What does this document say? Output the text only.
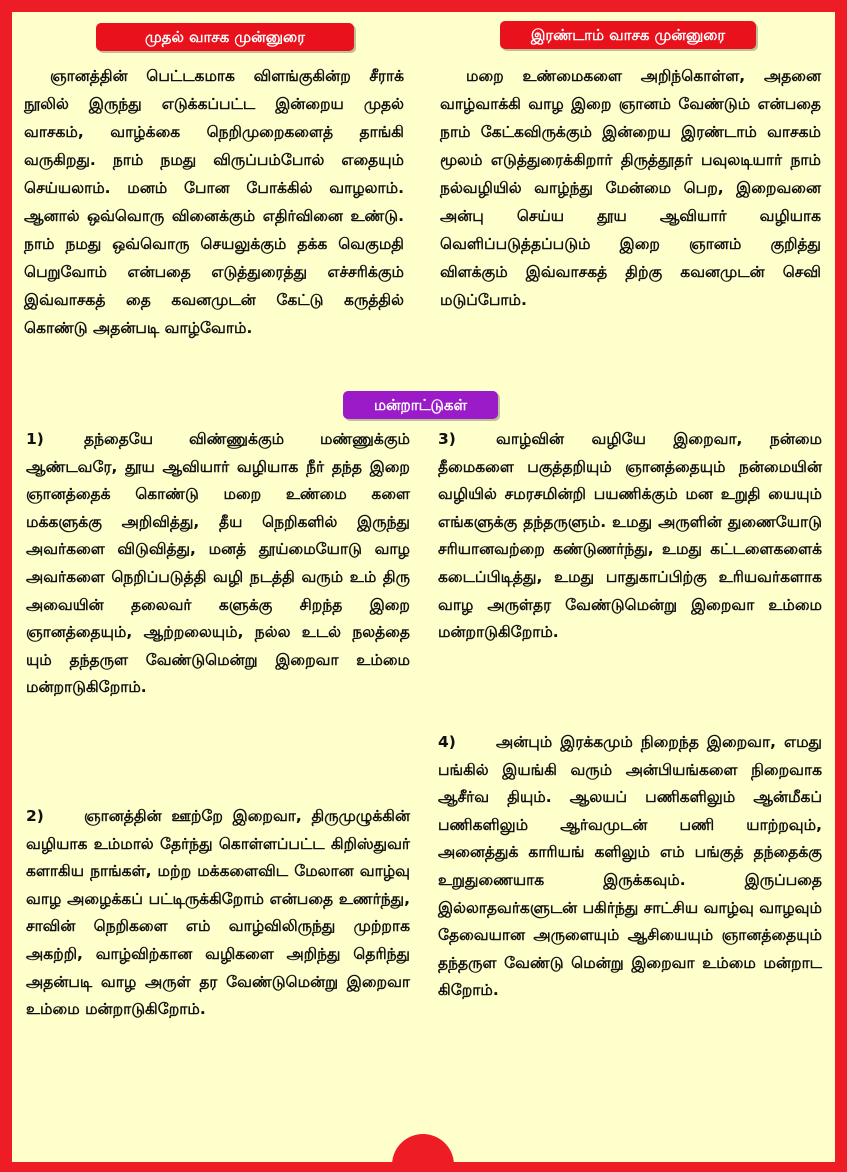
முதல் வாசக முன்னுரை	இரண்டாம் வாசக முன்னுரை

ஞானத்தின் பெட்டகமாக விளங்குகின்ற சீராக் நூலில் இருந்து எடுக்கப்பட்ட இன்றைய முதல் வாசகம், வாழ்க்கை நெறிமுறைகளைத் தாங்கி வருகிறது. நாம் நமது விருப்பம்போல் எதையும் செய்யலாம். மனம் போன போக்கில் வாழலாம். ஆனால் ஒவ்வொரு வினைக்கும் எதிர்வினை உண்டு. நாம் நமது ஒவ்வொரு செயலுக்கும் தக்க வெகுமதி பெறுவோம் என்பதை எடுத்துரைத்து எச்சரிக்கும் இவ்வாசகத் தை கவனமுடன் கேட்டு கருத்தில் கொண்டு அதன்படி வாழ்வோம்.

மறை உண்மைகளை அறிந்கொள்ள, அதனை வாழ்வாக்கி வாழ இறை ஞானம் வேண்டும் என்பதை நாம் கேட்கவிருக்கும் இன்றைய இரண்டாம் வாசகம் மூலம் எடுத்துரைக்கிறார் திருத்தூதர் பவுலடியார் நாம் நல்வழியில் வாழ்ந்து மேன்மை பெற, இறைவனை அன்பு செய்ய தூய ஆவியார் வழியாக வெளிப்படுத்தப்படும் இறை ஞானம் குறித்து விளக்கும் இவ்வாசகத் திற்கு கவனமுடன் செவி மடுப்போம்.

மன்றாட்டுகள்

1)	தந்தையே விண்ணுக்கும் மண்ணுக்கும் ஆண்டவரே, தூய ஆவியார் வழியாக நீர் தந்த இறை ஞானத்தைக் கொண்டு மறை உண்மை களை மக்களுக்கு அறிவித்து, தீய நெறிகளில் இருந்து அவர்களை விடுவித்து, மனத் தூய்மையோடு வாழ அவர்களை நெறிப்படுத்தி வழி நடத்தி வரும் உம் திரு அவையின் தலைவர் களுக்கு சிறந்த இறை ஞானத்தையும், ஆற்றலையும், நல்ல உடல் நலத்தை யும் தந்தருள வேண்டுமென்று இறைவா உம்மை மன்றாடுகிறோம்.

2)	ஞானத்தின் ஊற்றே இறைவா, திருமுழுக்கின் வழியாக உம்மால் தேர்ந்து கொள்ளப்பட்ட கிறிஸ்துவர் களாகிய நாங்கள், மற்ற மக்களைவிட மேலான வாழ்வு வாழ அழைக்கப் பட்டிருக்கிறோம் என்பதை உணர்ந்து, சாவின் நெறிகளை எம் வாழ்விலிருந்து முற்றாக அகற்றி, வாழ்விற்கான வழிகளை அறிந்து தெரிந்து அதன்படி வாழ அருள் தர வேண்டுமென்று இறைவா உம்மை மன்றாடுகிறோம்.

3)	வாழ்வின் வழியே இறைவா, நன்மை தீமைகளை பகுத்தறியும் ஞானத்தையும் நன்மையின் வழியில் சமரசமின்றி பயணிக்கும் மன உறுதி யையும் எங்களுக்கு தந்தருளும். உமது அருளின் துணையோடு சரியானவற்றை கண்டுணர்ந்து, உமது கட்டளைகளைக் கடைப்பிடித்து, உமது பாதுகாப்பிற்கு உரியவர்களாக வாழ அருள்தர வேண்டுமென்று இறைவா உம்மை மன்றாடுகிறோம்.

4)	அன்பும் இரக்கமும் நிறைந்த இறைவா, எமது பங்கில் இயங்கி வரும் அன்பியங்களை நிறைவாக ஆசீர்வ தியும். ஆலயப் பணிகளிலும் ஆன்மீகப் பணிகளிலும் ஆர்வமுடன் பணி யாற்றவும், அனைத்துக் காரியங் களிலும் எம் பங்குத் தந்தைக்கு உறுதுணையாக இருக்கவும். இருப்பதை இல்லாதவர்களுடன் பகிர்ந்து சாட்சிய வாழ்வு வாழவும் தேவையான அருளையும் ஆசியையும் ஞானத்தையும் தந்தருள வேண்டு மென்று இறைவா உம்மை மன்றாட கிறோம்.
